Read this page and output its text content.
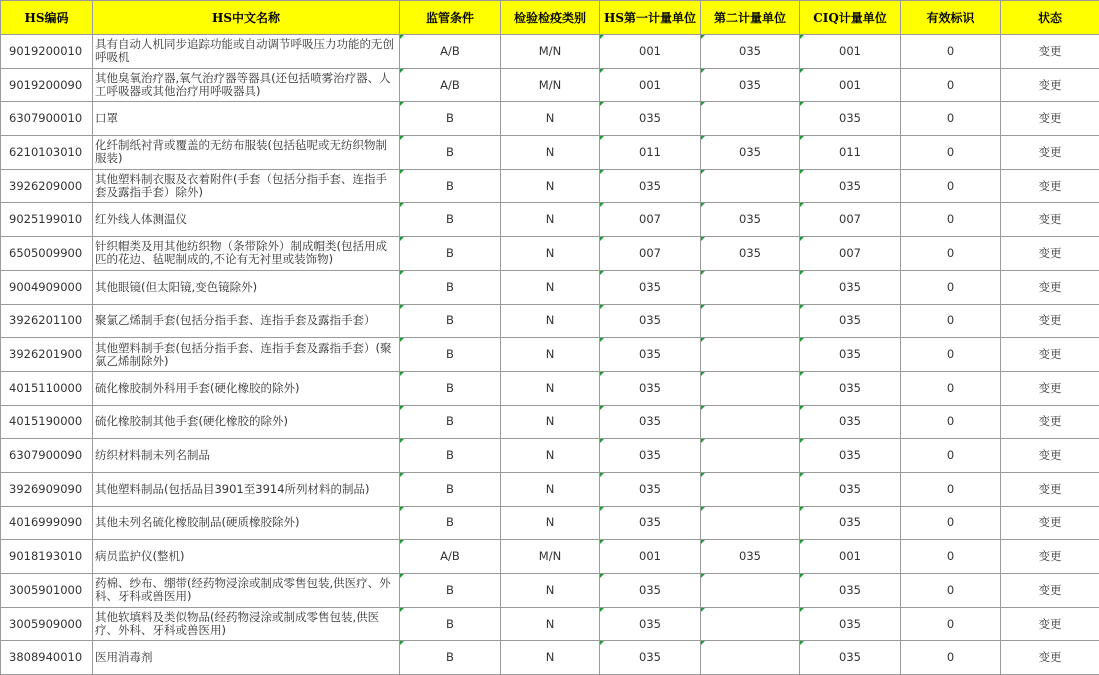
HS编码	HS中文名称	监管条件	检验检疫类别	HS第一计量单位	第二计量单位	CIQ计量单位	有效标识	状态
9019200010	具有自动人机同步追踪功能或自动调节呼吸压力功能的无创呼吸机	A/B	M/N	001	035	001	0	变更
9019200090	其他臭氧治疗器,氧气治疗器等器具(还包括喷雾治疗器、人工呼吸器或其他治疗用呼吸器具)	A/B	M/N	001	035	001	0	变更
6307900010	口罩	B	N	035		035	0	变更
6210103010	化纤制纸衬背或覆盖的无纺布服装(包括毡呢或无纺织物制服装)	B	N	011	035	011	0	变更
3926209000	其他塑料制衣服及衣着附件(手套（包括分指手套、连指手套及露指手套）除外)	B	N	035		035	0	变更
9025199010	红外线人体测温仪	B	N	007	035	007	0	变更
6505009900	针织帽类及用其他纺织物（条带除外）制成帽类(包括用成匹的花边、毡呢制成的,不论有无衬里或装饰物)	B	N	007	035	007	0	变更
9004909000	其他眼镜(但太阳镜,变色镜除外)	B	N	035		035	0	变更
3926201100	聚氯乙烯制手套(包括分指手套、连指手套及露指手套）	B	N	035		035	0	变更
3926201900	其他塑料制手套(包括分指手套、连指手套及露指手套）(聚氯乙烯制除外)	B	N	035		035	0	变更
4015110000	硫化橡胶制外科用手套(硬化橡胶的除外)	B	N	035		035	0	变更
4015190000	硫化橡胶制其他手套(硬化橡胶的除外)	B	N	035		035	0	变更
6307900090	纺织材料制未列名制品	B	N	035		035	0	变更
3926909090	其他塑料制品(包括品目3901至3914所列材料的制品)	B	N	035		035	0	变更
4016999090	其他未列名硫化橡胶制品(硬质橡胶除外)	B	N	035		035	0	变更
9018193010	病员监护仪(整机)	A/B	M/N	001	035	001	0	变更
3005901000	药棉、纱布、绷带(经药物浸涂或制成零售包装,供医疗、外科、牙科或兽医用)	B	N	035		035	0	变更
3005909000	其他软填料及类似物品(经药物浸涂或制成零售包装,供医疗、外科、牙科或兽医用)	B	N	035		035	0	变更
3808940010	医用消毒剂	B	N	035		035	0	变更
